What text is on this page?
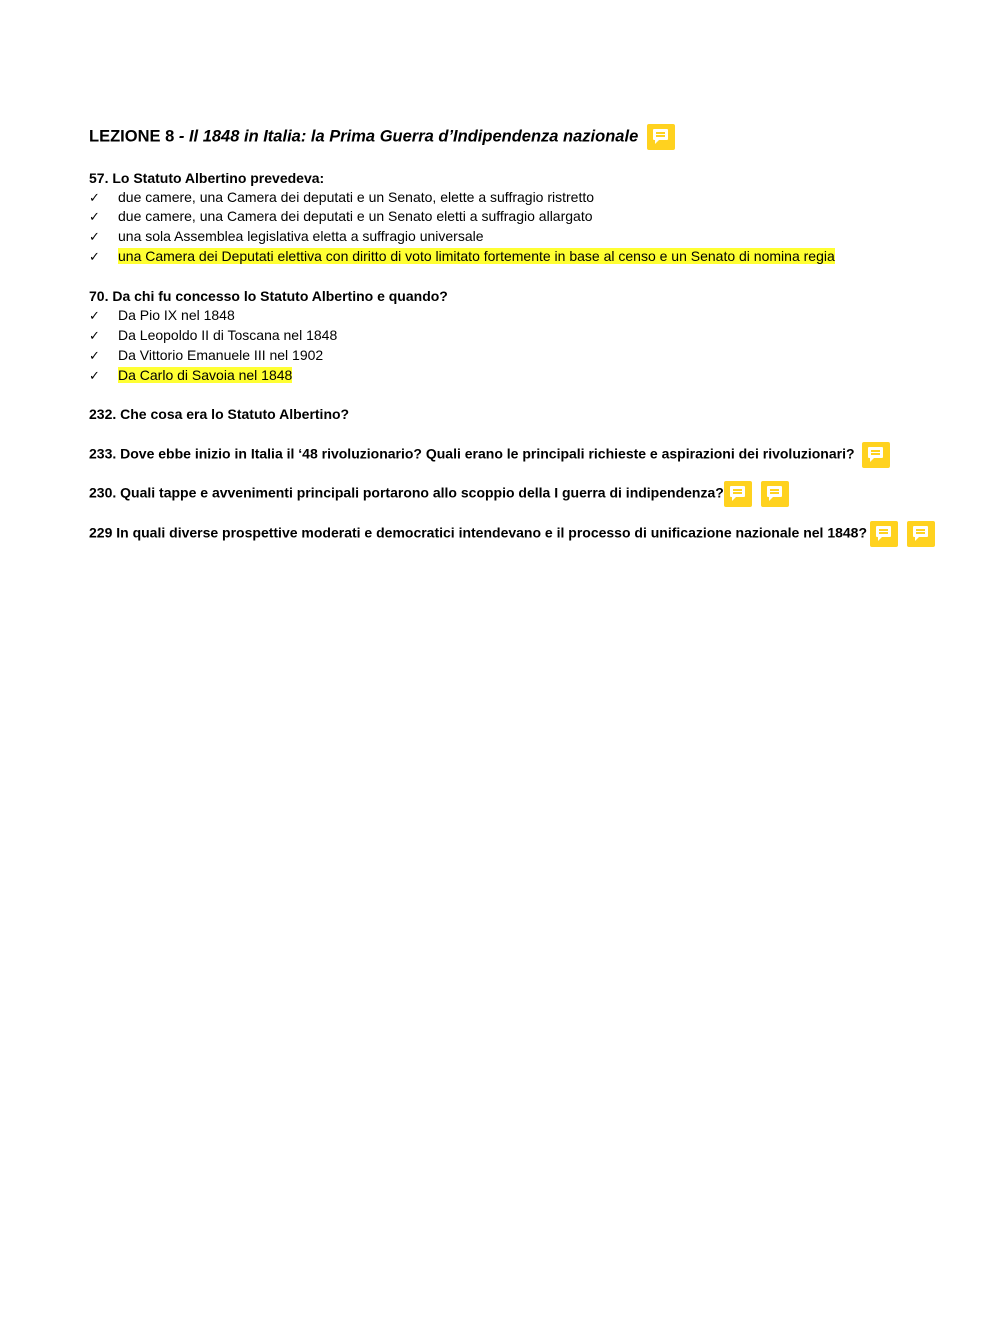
LEZIONE 8 - Il 1848 in Italia: la Prima Guerra d’Indipendenza nazionale
57. Lo Statuto Albertino prevedeva:
✓ due camere, una Camera dei deputati e un Senato, elette a suffragio ristretto
✓ due camere, una Camera dei deputati e un Senato eletti a suffragio allargato
✓ una sola Assemblea legislativa eletta a suffragio universale
✓ una Camera dei Deputati elettiva con diritto di voto limitato fortemente in base al censo e un Senato di nomina regia
70. Da chi fu concesso lo Statuto Albertino e quando?
✓ Da Pio IX nel 1848
✓ Da Leopoldo II di Toscana nel 1848
✓ Da Vittorio Emanuele III nel 1902
✓ Da Carlo di Savoia nel 1848
232. Che cosa era lo Statuto Albertino?
233. Dove ebbe inizio in Italia il ‘48 rivoluzionario? Quali erano le principali richieste e aspirazioni dei rivoluzionari?
230. Quali tappe e avvenimenti principali portarono allo scoppio della I guerra di indipendenza?
229 In quali diverse prospettive moderati e democratici intendevano e il processo di unificazione nazionale nel 1848?
